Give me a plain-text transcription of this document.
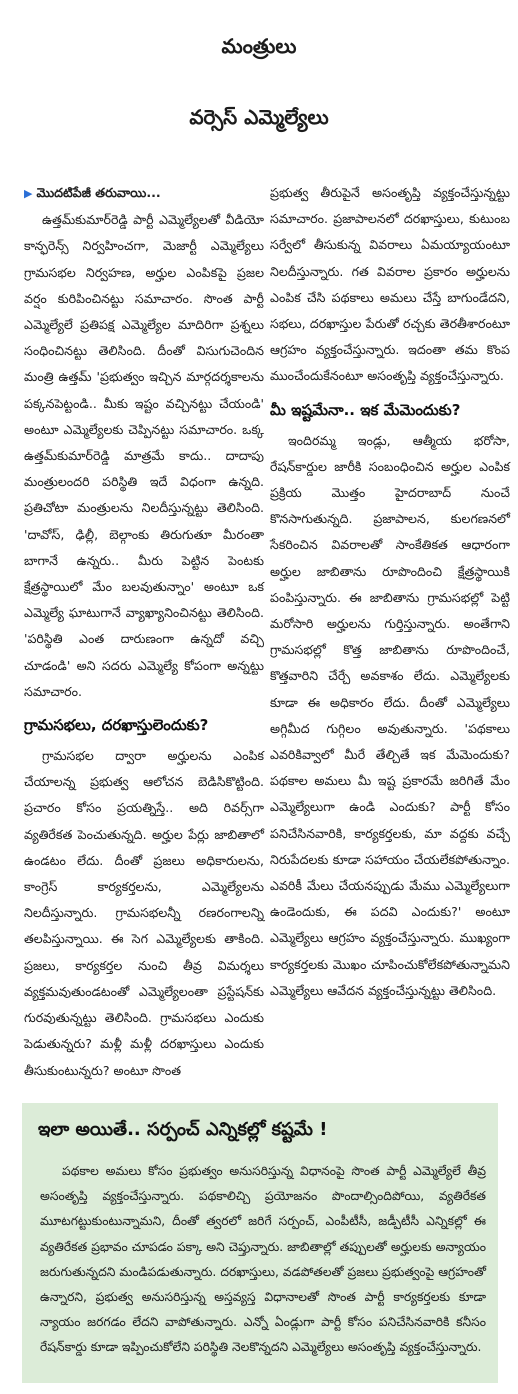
మంత్రులు
వర్సెస్ ఎమ్మెల్యేలు

▶ మొదటిపేజీ తరువాయి...

ఉత్తమ్‌కుమార్‌రెడ్డి పార్టీ ఎమ్మెల్యేలతో వీడియో కాన్ఫరెన్స్ నిర్వహించగా, మెజార్టీ ఎమ్మెల్యేలు గ్రామసభల నిర్వహణ, అర్హుల ఎంపికపై ప్రజల వర్షం కురిపించినట్టు సమాచారం. సొంత పార్టీ ఎమ్మెల్యేలే ప్రతిపక్ష ఎమ్మెల్యేల మాదిరిగా ప్రశ్నలు సంధించినట్టు తెలిసింది. దీంతో విసుగుచెందిన మంత్రి ఉత్తమ్ 'ప్రభుత్వం ఇచ్చిన మార్గదర్శకాలను పక్కనపెట్టండి.. మీకు ఇష్టం వచ్చినట్టు చేయండి' అంటూ ఎమ్మెల్యేలకు చెప్పినట్టు సమాచారం. ఒక్క ఉత్తమ్‌కుమార్‌రెడ్డి మాత్రమే కాదు.. దాదాపు మంత్రులందరి పరిస్థితి ఇదే విధంగా ఉన్నది. ప్రతిచోటా మంత్రులను నిలదీస్తున్నట్టు తెలిసింది. 'దావోస్, ఢిల్లీ, బెల్గాంకు తిరుగుతూ మీరంతా బాగానే ఉన్నరు.. మీరు పెట్టిన పెంటకు క్షేత్రస్థాయిలో మేం బలవుతున్నాం' అంటూ ఒక ఎమ్మెల్యే ఘాటుగానే వ్యాఖ్యానించినట్టు తెలిసింది. 'పరిస్థితి ఎంత దారుణంగా ఉన్నదో వచ్చి చూడండి' అని సదరు ఎమ్మెల్యే కోపంగా అన్నట్టు సమాచారం.

గ్రామసభలు, దరఖాస్తులెందుకు?

గ్రామసభల ద్వారా అర్హులను ఎంపిక చేయాలన్న ప్రభుత్వ ఆలోచన బెడిసికొట్టింది. ప్రచారం కోసం ప్రయత్నిస్తే.. అది రివర్స్‌గా వ్యతిరేకత పెంచుతున్నది. అర్హుల పేర్లు జాబితాలో ఉండటం లేదు. దీంతో ప్రజలు అధికారులను, కాంగ్రెస్ కార్యకర్తలను, ఎమ్మెల్యేలను నిలదీస్తున్నారు. గ్రామసభలన్నీ రణరంగాలన్ని తలపిస్తున్నాయి. ఈ సెగ ఎమ్మెల్యేలకు తాకింది. ప్రజలు, కార్యకర్తల నుంచి తీవ్ర విమర్శలు వ్యక్తమవుతుండటంతో ఎమ్మెల్యేలంతా ప్రస్టేషన్‌కు గురవుతున్నట్టు తెలిసింది. గ్రామసభలు ఎందుకు పెడుతున్నరు? మళ్లీ మళ్లీ దరఖాస్తులు ఎందుకు తీసుకుంటున్నరు? అంటూ సొంత

ప్రభుత్వ తీరుపైనే అసంతృప్తి వ్యక్తంచేస్తున్నట్టు సమాచారం. ప్రజాపాలనలో దరఖాస్తులు, కుటుంబ సర్వేలో తీసుకున్న వివరాలు ఏమయ్యాయంటూ నిలదీస్తున్నారు. గత వివరాల ప్రకారం అర్హులను ఎంపిక చేసి పథకాలు అమలు చేస్తే బాగుండేదని, సభలు, దరఖాస్తుల పేరుతో రచ్చకు తెరతీశారంటూ ఆగ్రహం వ్యక్తంచేస్తున్నారు. ఇదంతా తమ కొంప ముంచేందుకేనంటూ అసంతృప్తి వ్యక్తంచేస్తున్నారు.

మీ ఇష్టమేనా.. ఇక మేమెందుకు?

ఇందిరమ్మ ఇండ్లు, ఆత్మీయ భరోసా, రేషన్‌కార్డుల జారీకి సంబంధించిన అర్హుల ఎంపిక ప్రక్రియ మొత్తం హైదరాబాద్ నుంచే కొనసాగుతున్నది. ప్రజాపాలన, కులగణనలో సేకరించిన వివరాలతో సాంకేతికత ఆధారంగా అర్హుల జాబితాను రూపొందించి క్షేత్రస్థాయికి పంపిస్తున్నారు. ఈ జాబితాను గ్రామసభల్లో పెట్టి మరోసారి అర్హులను గుర్తిస్తున్నారు. అంతేగాని గ్రామసభల్లో కొత్త జాబితాను రూపొందించే, కొత్తవారిని చేర్చే అవకాశం లేదు. ఎమ్మెల్యేలకు కూడా ఈ అధికారం లేదు. దీంతో ఎమ్మెల్యేలు అగ్గిమీద గుగ్గిలం అవుతున్నారు. 'పథకాలు ఎవరికివ్వాలో మీరే తేల్చితే ఇక మేమెందుకు? పథకాల అమలు మీ ఇష్ట ప్రకారమే జరిగితే మేం ఎమ్మెల్యేలుగా ఉండి ఎందుకు? పార్టీ కోసం పనిచేసినవారికి, కార్యకర్తలకు, మా వద్దకు వచ్చే నిరుపేదలకు కూడా సహాయం చేయలేకపోతున్నాం. ఎవరికీ మేలు చేయనప్పుడు మేము ఎమ్మెల్యేలుగా ఉండెందుకు, ఈ పదవి ఎందుకు?' అంటూ ఎమ్మెల్యేలు ఆగ్రహం వ్యక్తంచేస్తున్నారు. ముఖ్యంగా కార్యకర్తలకు మొఖం చూపించుకోలేకపోతున్నామని ఎమ్మెల్యేలు ఆవేదన వ్యక్తంచేస్తున్నట్టు తెలిసింది.

ఇలా అయితే.. సర్పంచ్ ఎన్నికల్లో కష్టమే !

పథకాల అమలు కోసం ప్రభుత్వం అనుసరిస్తున్న విధానంపై సొంత పార్టీ ఎమ్మెల్యేలే తీవ్ర అసంతృప్తి వ్యక్తంచేస్తున్నారు. పథకాలిచ్చి ప్రయోజనం పొందాల్సిందిపోయి, వ్యతిరేకత మూటగట్టుకుంటున్నామని, దీంతో త్వరలో జరిగే సర్పంచ్, ఎంపీటీసీ, జడ్పీటీసీ ఎన్నికల్లో ఈ వ్యతిరేకత ప్రభావం చూపడం పక్కా అని చెప్తున్నారు. జాబితాల్లో తప్పులతో అర్హులకు అన్యాయం జరుగుతున్నదని మండిపడుతున్నారు. దరఖాస్తులు, వడపోతలతో ప్రజలు ప్రభుత్వంపై ఆగ్రహంతో ఉన్నారని, ప్రభుత్వ అనుసరిస్తున్న అస్తవ్యస్త విధానాలతో సొంత పార్టీ కార్యకర్తలకు కూడా న్యాయం జరగడం లేదని వాపోతున్నారు. ఎన్నో ఏండ్లుగా పార్టీ కోసం పనిచేసినవారికి కనీసం రేషన్‌కార్డు కూడా ఇప్పించుకోలేని పరిస్థితి నెలకొన్నదని ఎమ్మెల్యేలు అసంతృప్తి వ్యక్తంచేస్తున్నారు.
